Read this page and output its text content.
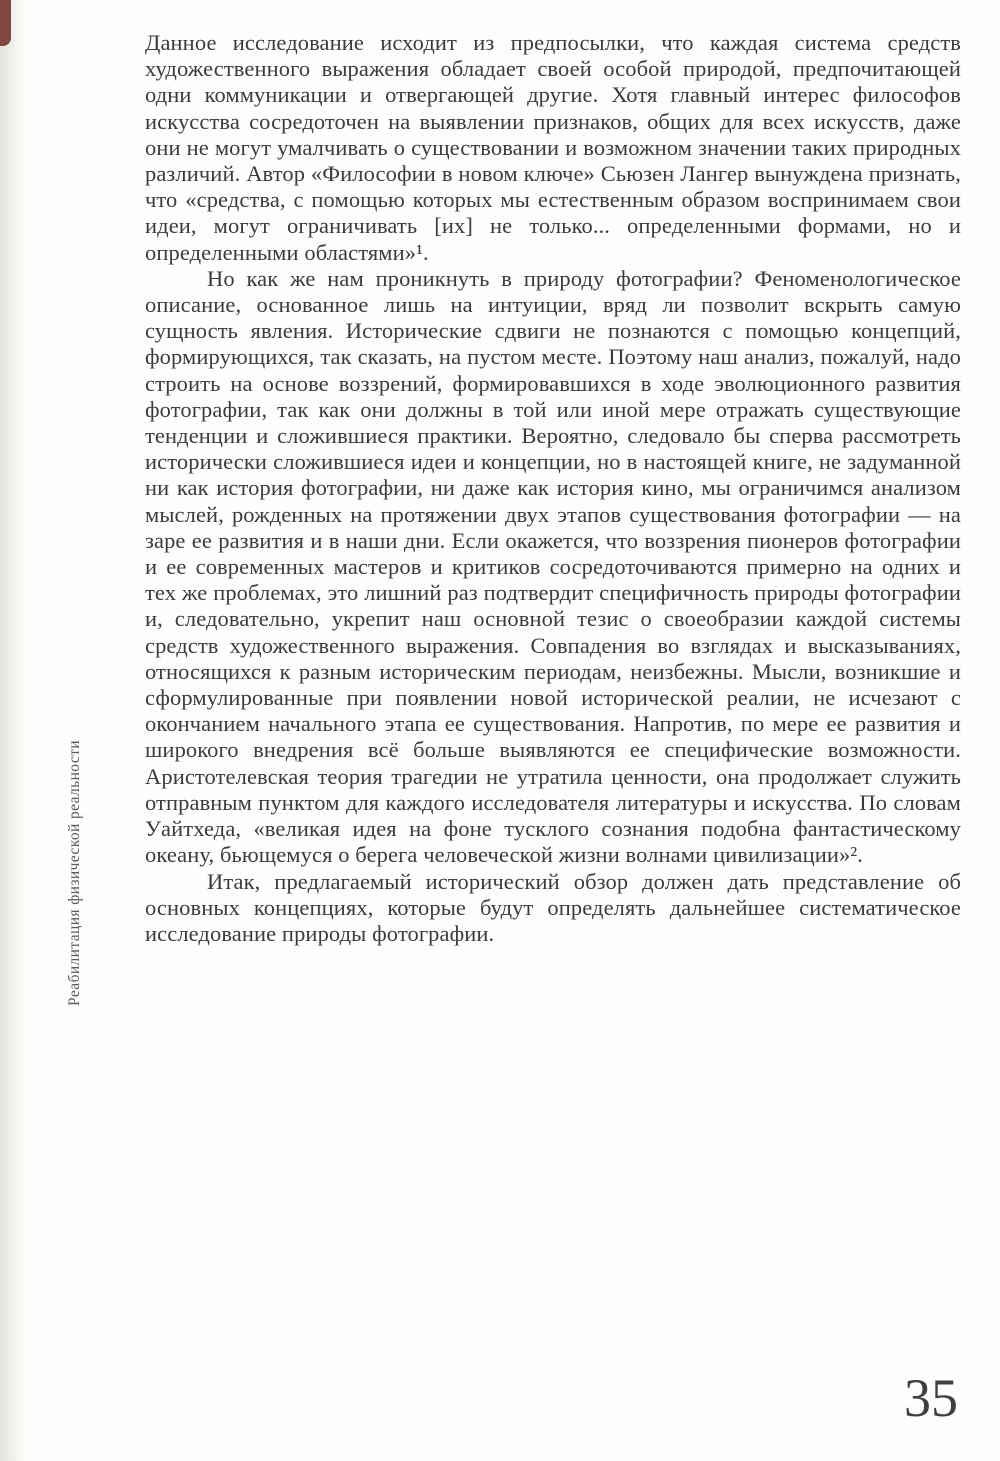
Реабилитация физической реальности

Данное исследование исходит из предпосылки, что каждая система средств художественного выражения обладает своей особой природой, предпочитающей одни коммуникации и отвергающей другие. Хотя главный интерес философов искусства сосредоточен на выявлении признаков, общих для всех искусств, даже они не могут умалчивать о существовании и возможном значении таких природных различий. Автор «Философии в новом ключе» Сьюзен Лангер вынуждена признать, что «средства, с помощью которых мы естественным образом воспринимаем свои идеи, могут ограничивать [их] не только... определенными формами, но и определенными областями»¹.

Но как же нам проникнуть в природу фотографии? Феноменологическое описание, основанное лишь на интуиции, вряд ли позволит вскрыть самую сущность явления. Исторические сдвиги не познаются с помощью концепций, формирующихся, так сказать, на пустом месте. Поэтому наш анализ, пожалуй, надо строить на основе воззрений, формировавшихся в ходе эволюционного развития фотографии, так как они должны в той или иной мере отражать существующие тенденции и сложившиеся практики. Вероятно, следовало бы сперва рассмотреть исторически сложившиеся идеи и концепции, но в настоящей книге, не задуманной ни как история фотографии, ни даже как история кино, мы ограничимся анализом мыслей, рожденных на протяжении двух этапов существования фотографии — на заре ее развития и в наши дни. Если окажется, что воззрения пионеров фотографии и ее современных мастеров и критиков сосредоточиваются примерно на одних и тех же проблемах, это лишний раз подтвердит специфичность природы фотографии и, следовательно, укрепит наш основной тезис о своеобразии каждой системы средств художественного выражения. Совпадения во взглядах и высказываниях, относящихся к разным историческим периодам, неизбежны. Мысли, возникшие и сформулированные при появлении новой исторической реалии, не исчезают с окончанием начального этапа ее существования. Напротив, по мере ее развития и широкого внедрения всё больше выявляются ее специфические возможности. Аристотелевская теория трагедии не утратила ценности, она продолжает служить отправным пунктом для каждого исследователя литературы и искусства. По словам Уайтхеда, «великая идея на фоне тусклого сознания подобна фантастическому океану, бьющемуся о берега человеческой жизни волнами цивилизации»².

Итак, предлагаемый исторический обзор должен дать представление об основных концепциях, которые будут определять дальнейшее систематическое исследование природы фотографии.

35
